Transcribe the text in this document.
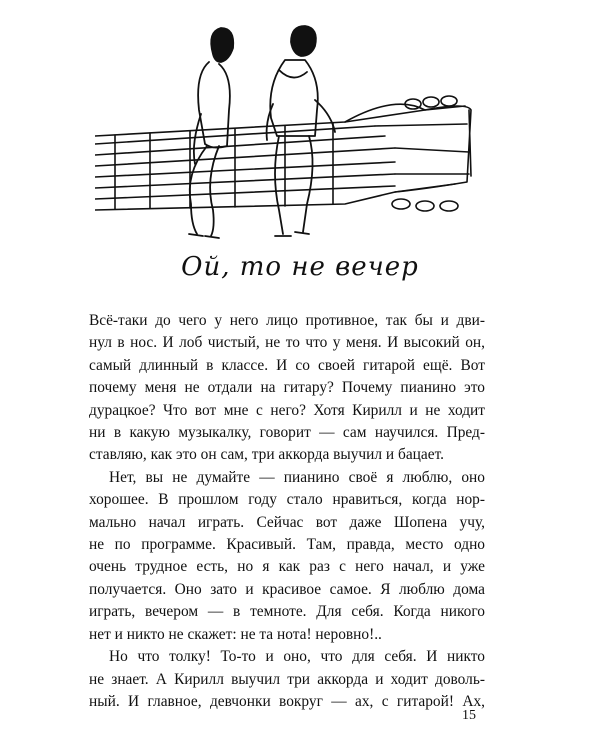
Ой, то не вечер

Всё-таки до чего у него лицо противное, так бы и дви-
нул в нос. И лоб чистый, не то что у меня. И высокий он,
самый длинный в классе. И со своей гитарой ещё. Вот
почему меня не отдали на гитару? Почему пианино это
дурацкое? Что вот мне с него? Хотя Кирилл и не ходит
ни в какую музыкалку, говорит — сам научился. Пред-
ставляю, как это он сам, три аккорда выучил и бацает.

Нет, вы не думайте — пианино своё я люблю, оно
хорошее. В прошлом году стало нравиться, когда нор-
мально начал играть. Сейчас вот даже Шопена учу,
не по программе. Красивый. Там, правда, место одно
очень трудное есть, но я как раз с него начал, и уже
получается. Оно зато и красивое самое. Я люблю дома
играть, вечером — в темноте. Для себя. Когда никого
нет и никто не скажет: не та нота! неровно!..

Но что толку! То-то и оно, что для себя. И никто
не знает. А Кирилл выучил три аккорда и ходит доволь-
ный. И главное, девчонки вокруг — ах, с гитарой! Ах,

15
